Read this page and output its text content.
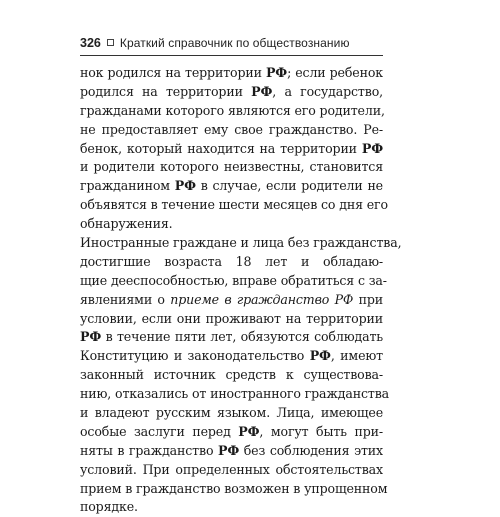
326 Краткий справочник по обществознанию
нок родился на территории РФ; если ребенок
родился на территории РФ, а государство,
гражданами которого являются его родители,
не предоставляет ему свое гражданство. Ре-
бенок, который находится на территории РФ
и родители которого неизвестны, становится
гражданином РФ в случае, если родители не
объявятся в течение шести месяцев со дня его
обнаружения.
Иностранные граждане и лица без гражданства,
достигшие возраста 18 лет и обладаю-
щие дееспособностью, вправе обратиться с за-
явлениями о приеме в гражданство РФ при
условии, если они проживают на территории
РФ в течение пяти лет, обязуются соблюдать
Конституцию и законодательство РФ, имеют
законный источник средств к существова-
нию, отказались от иностранного гражданства
и владеют русским языком. Лица, имеющее
особые заслуги перед РФ, могут быть при-
няты в гражданство РФ без соблюдения этих
условий. При определенных обстоятельствах
прием в гражданство возможен в упрощенном
порядке.
